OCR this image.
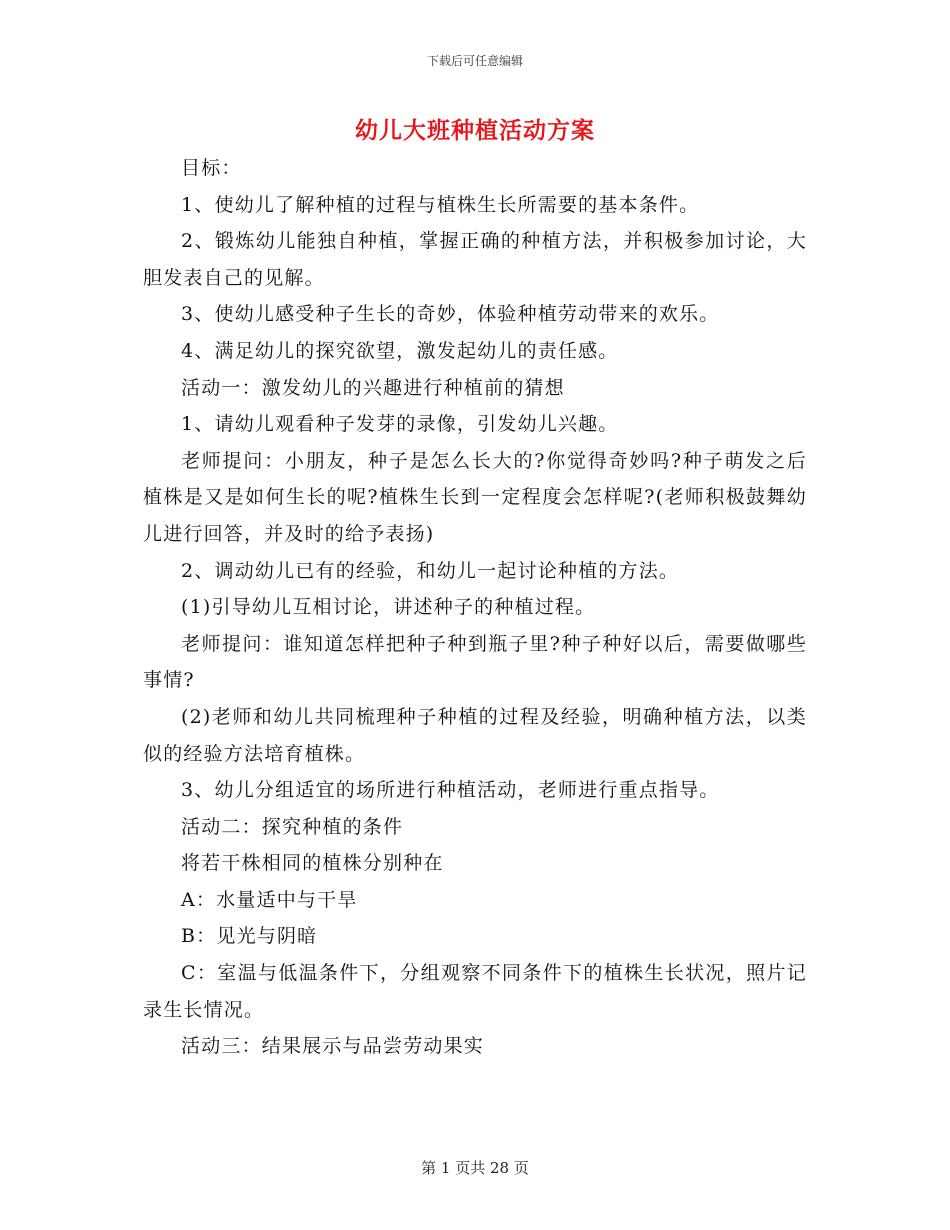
下载后可任意编辑
幼儿大班种植活动方案

目标：

1、使幼儿了解种植的过程与植株生长所需要的基本条件。

2、锻炼幼儿能独自种植，掌握正确的种植方法，并积极参加讨论，大胆发表自己的见解。

3、使幼儿感受种子生长的奇妙，体验种植劳动带来的欢乐。

4、满足幼儿的探究欲望，激发起幼儿的责任感。

活动一：激发幼儿的兴趣进行种植前的猜想

1、请幼儿观看种子发芽的录像，引发幼儿兴趣。

老师提问：小朋友，种子是怎么长大的?你觉得奇妙吗?种子萌发之后植株是又是如何生长的呢?植株生长到一定程度会怎样呢?(老师积极鼓舞幼儿进行回答，并及时的给予表扬)

2、调动幼儿已有的经验，和幼儿一起讨论种植的方法。

(1)引导幼儿互相讨论，讲述种子的种植过程。

老师提问：谁知道怎样把种子种到瓶子里?种子种好以后，需要做哪些事情?

(2)老师和幼儿共同梳理种子种植的过程及经验，明确种植方法，以类似的经验方法培育植株。

3、幼儿分组适宜的场所进行种植活动，老师进行重点指导。

活动二：探究种植的条件

将若干株相同的植株分别种在

A：水量适中与干旱

B：见光与阴暗

C：室温与低温条件下，分组观察不同条件下的植株生长状况，照片记录生长情况。

活动三：结果展示与品尝劳动果实

第 1 页共 28 页
